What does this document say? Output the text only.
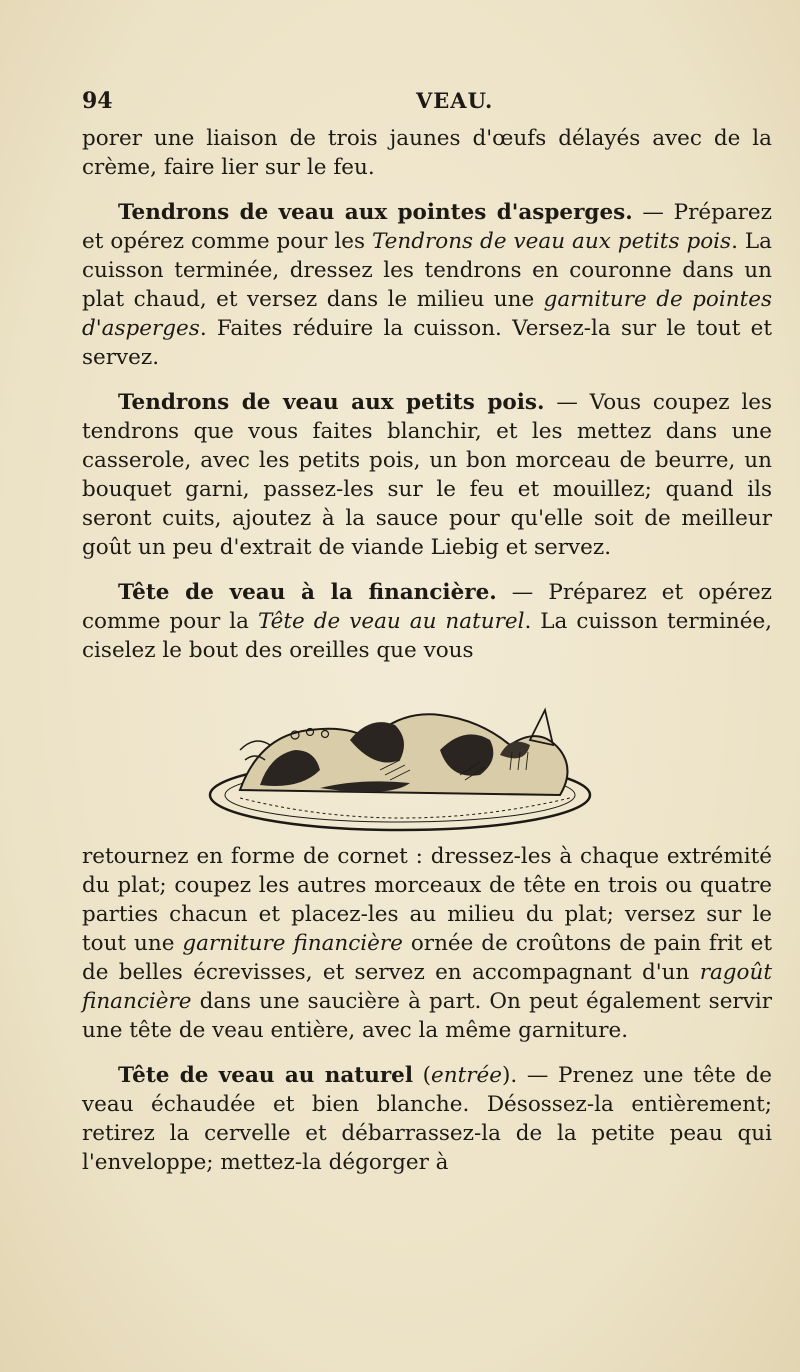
94	VEAU.

porer une liaison de trois jaunes d'œufs délayés avec de la crème, faire lier sur le feu.

Tendrons de veau aux pointes d'asperges. — Préparez et opérez comme pour les Tendrons de veau aux petits pois. La cuisson terminée, dressez les tendrons en couronne dans un plat chaud, et versez dans le milieu une garniture de pointes d'asperges. Faites réduire la cuisson. Versez-la sur le tout et servez.

Tendrons de veau aux petits pois. — Vous coupez les tendrons que vous faites blanchir, et les mettez dans une casserole, avec les petits pois, un bon morceau de beurre, un bouquet garni, passez-les sur le feu et mouillez; quand ils seront cuits, ajoutez à la sauce pour qu'elle soit de meilleur goût un peu d'extrait de viande Liebig et servez.

Tête de veau à la financière. — Préparez et opérez comme pour la Tête de veau au naturel. La cuisson terminée, ciselez le bout des oreilles que vous

retournez en forme de cornet : dressez-les à chaque extrémité du plat; coupez les autres morceaux de tête en trois ou quatre parties chacun et placez-les au milieu du plat; versez sur le tout une garniture financière ornée de croûtons de pain frit et de belles écrevisses, et servez en accompagnant d'un ragoût financière dans une saucière à part. On peut également servir une tête de veau entière, avec la même garniture.

Tête de veau au naturel (entrée). — Prenez une tête de veau échaudée et bien blanche. Désossez-la entièrement; retirez la cervelle et débarrassez-la de la petite peau qui l'enveloppe; mettez-la dégorger à
